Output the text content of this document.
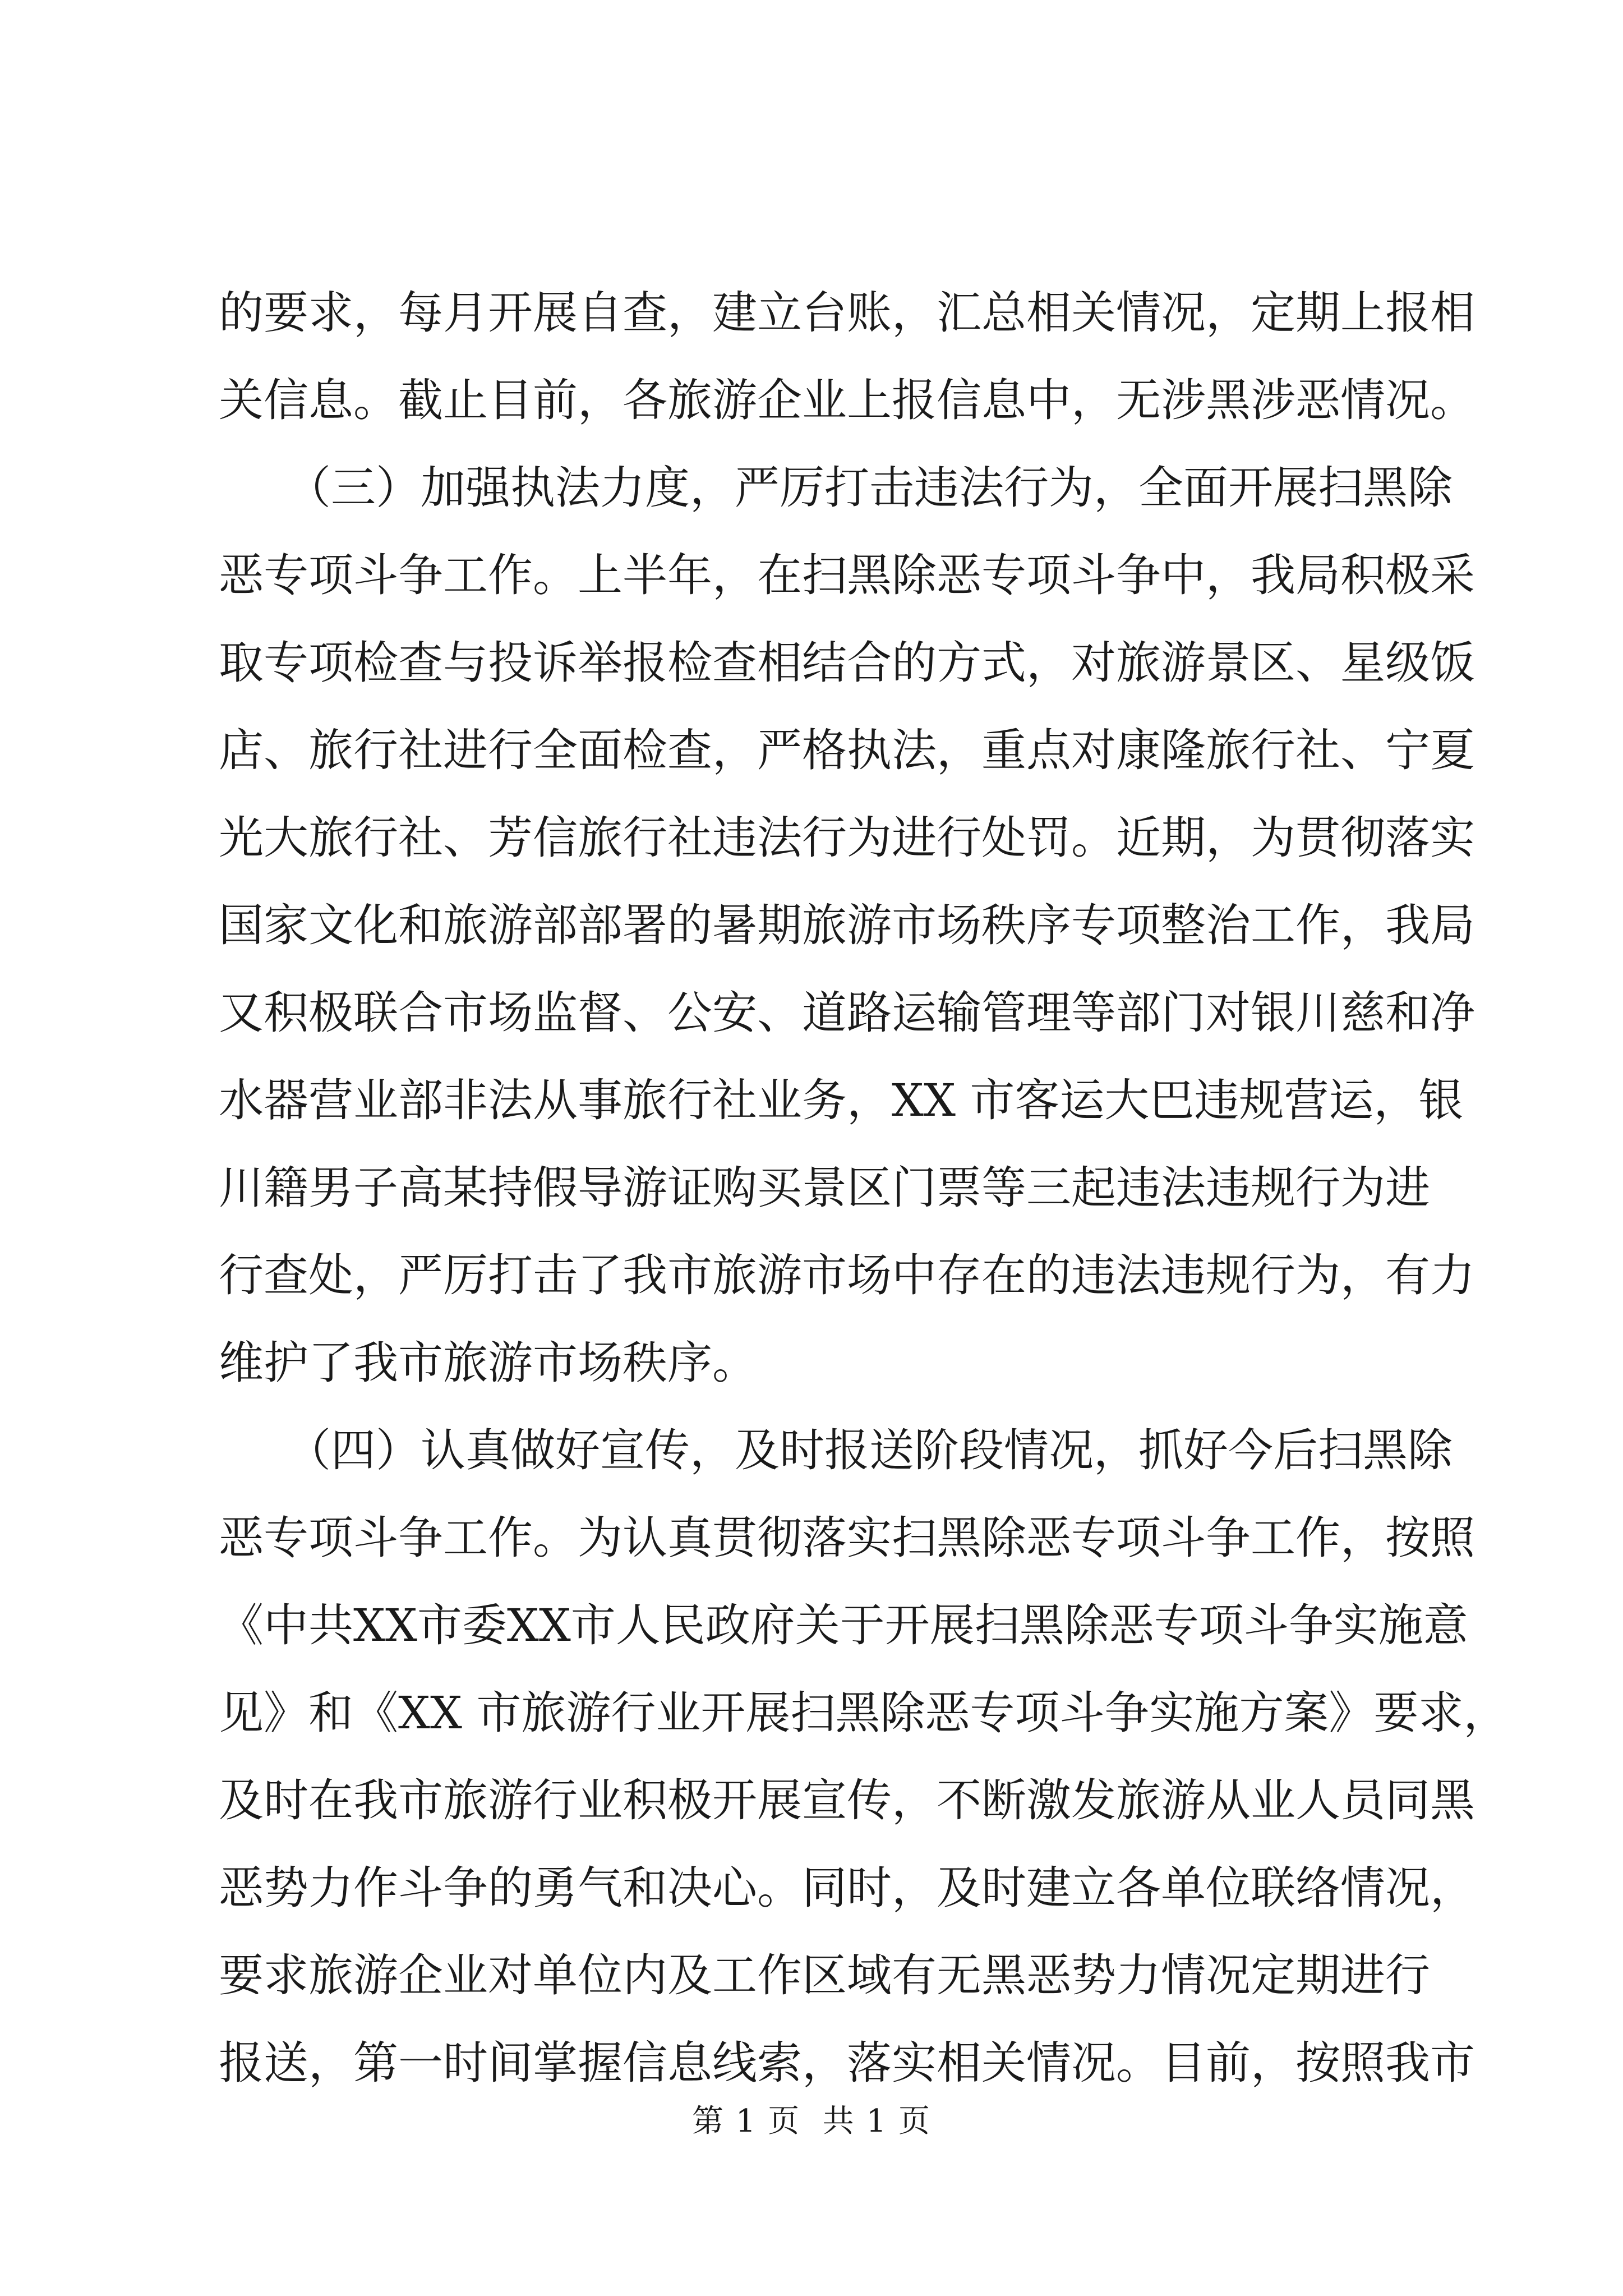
的要求，每月开展自查，建立台账，汇总相关情况，定期上报相
关信息。截止目前，各旅游企业上报信息中，无涉黑涉恶情况。
　　（三）加强执法力度，严厉打击违法行为，全面开展扫黑除
恶专项斗争工作。上半年，在扫黑除恶专项斗争中，我局积极采
取专项检查与投诉举报检查相结合的方式，对旅游景区、星级饭
店、旅行社进行全面检查，严格执法，重点对康隆旅行社、宁夏
光大旅行社、芳信旅行社违法行为进行处罚。近期，为贯彻落实
国家文化和旅游部部署的暑期旅游市场秩序专项整治工作，我局
又积极联合市场监督、公安、道路运输管理等部门对银川慈和净
水器营业部非法从事旅行社业务，XX 市客运大巴违规营运，银
川籍男子高某持假导游证购买景区门票等三起违法违规行为进
行查处，严厉打击了我市旅游市场中存在的违法违规行为，有力
维护了我市旅游市场秩序。
　　（四）认真做好宣传，及时报送阶段情况，抓好今后扫黑除
恶专项斗争工作。为认真贯彻落实扫黑除恶专项斗争工作，按照
《中共XX市委XX市人民政府关于开展扫黑除恶专项斗争实施意
见》和《XX 市旅游行业开展扫黑除恶专项斗争实施方案》要求，
及时在我市旅游行业积极开展宣传，不断激发旅游从业人员同黑
恶势力作斗争的勇气和决心。同时，及时建立各单位联络情况，
要求旅游企业对单位内及工作区域有无黑恶势力情况定期进行
报送，第一时间掌握信息线索，落实相关情况。目前，按照我市
第 1 页  共 1 页
